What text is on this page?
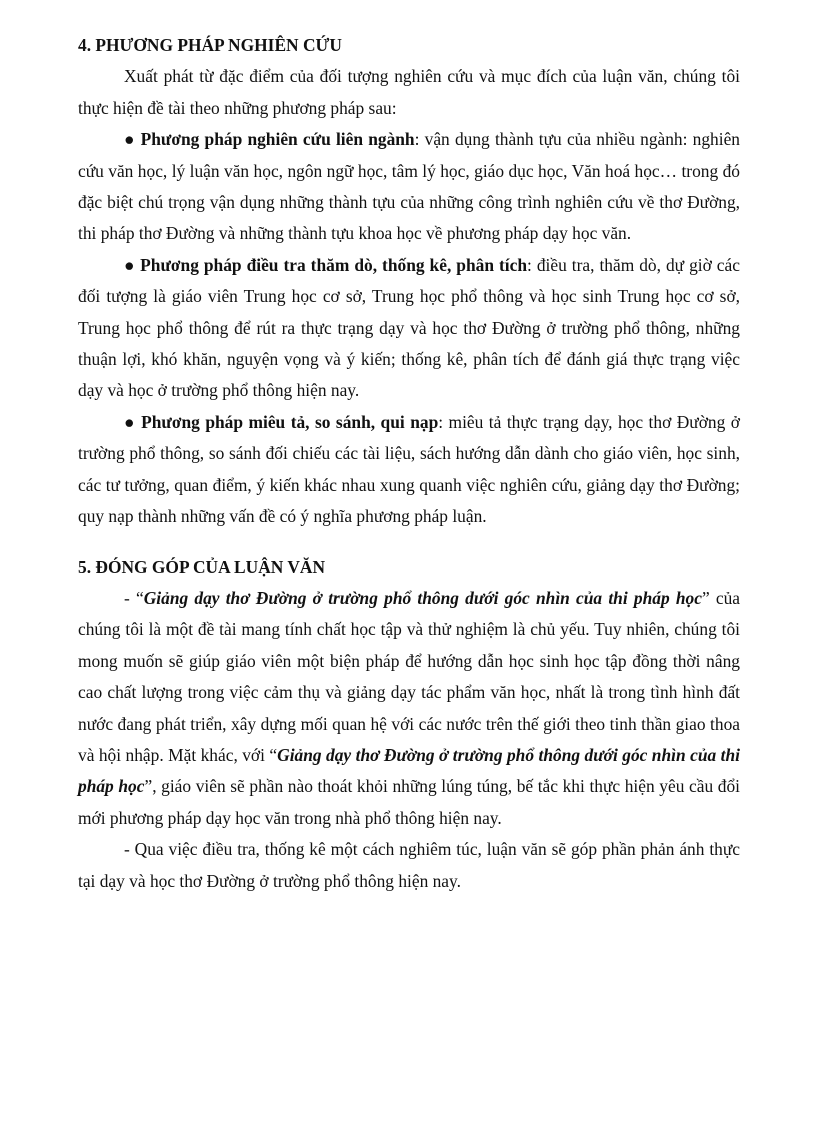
4. PHƯƠNG PHÁP NGHIÊN CỨU

Xuất phát từ đặc điểm của đối tượng nghiên cứu và mục đích của luận văn, chúng tôi thực hiện đề tài theo những phương pháp sau:

● Phương pháp nghiên cứu liên ngành: vận dụng thành tựu của nhiều ngành: nghiên cứu văn học, lý luận văn học, ngôn ngữ học, tâm lý học, giáo dục học, Văn hoá học… trong đó đặc biệt chú trọng vận dụng những thành tựu của những công trình nghiên cứu về thơ Đường, thi pháp thơ Đường và những thành tựu khoa học về phương pháp dạy học văn.

● Phương pháp điều tra thăm dò, thống kê, phân tích: điều tra, thăm dò, dự giờ các đối tượng là giáo viên Trung học cơ sở, Trung học phổ thông và học sinh Trung học cơ sở, Trung học phổ thông để rút ra thực trạng dạy và học thơ Đường ở trường phổ thông, những thuận lợi, khó khăn, nguyện vọng và ý kiến; thống kê, phân tích để đánh giá thực trạng việc dạy và học ở trường phổ thông hiện nay.

● Phương pháp miêu tả, so sánh, qui nạp: miêu tả thực trạng dạy, học thơ Đường ở trường phổ thông, so sánh đối chiếu các tài liệu, sách hướng dẫn dành cho giáo viên, học sinh, các tư tưởng, quan điểm, ý kiến khác nhau xung quanh việc nghiên cứu, giảng dạy thơ Đường; quy nạp thành những vấn đề có ý nghĩa phương pháp luận.

5. ĐÓNG GÓP CỦA LUẬN VĂN

- “Giảng dạy thơ Đường ở trường phổ thông dưới góc nhìn của thi pháp học” của chúng tôi là một đề tài mang tính chất học tập và thử nghiệm là chủ yếu. Tuy nhiên, chúng tôi mong muốn sẽ giúp giáo viên một biện pháp để hướng dẫn học sinh học tập đồng thời nâng cao chất lượng trong việc cảm thụ và giảng dạy tác phẩm văn học, nhất là trong tình hình đất nước đang phát triển, xây dựng mối quan hệ với các nước trên thế giới theo tinh thần giao thoa và hội nhập. Mặt khác, với “Giảng dạy thơ Đường ở trường phổ thông dưới góc nhìn của thi pháp học”, giáo viên sẽ phần nào thoát khỏi những lúng túng, bế tắc khi thực hiện yêu cầu đổi mới phương pháp dạy học văn trong nhà phổ thông hiện nay.

- Qua việc điều tra, thống kê một cách nghiêm túc, luận văn sẽ góp phần phản ánh thực tại dạy và học thơ Đường ở trường phổ thông hiện nay.
